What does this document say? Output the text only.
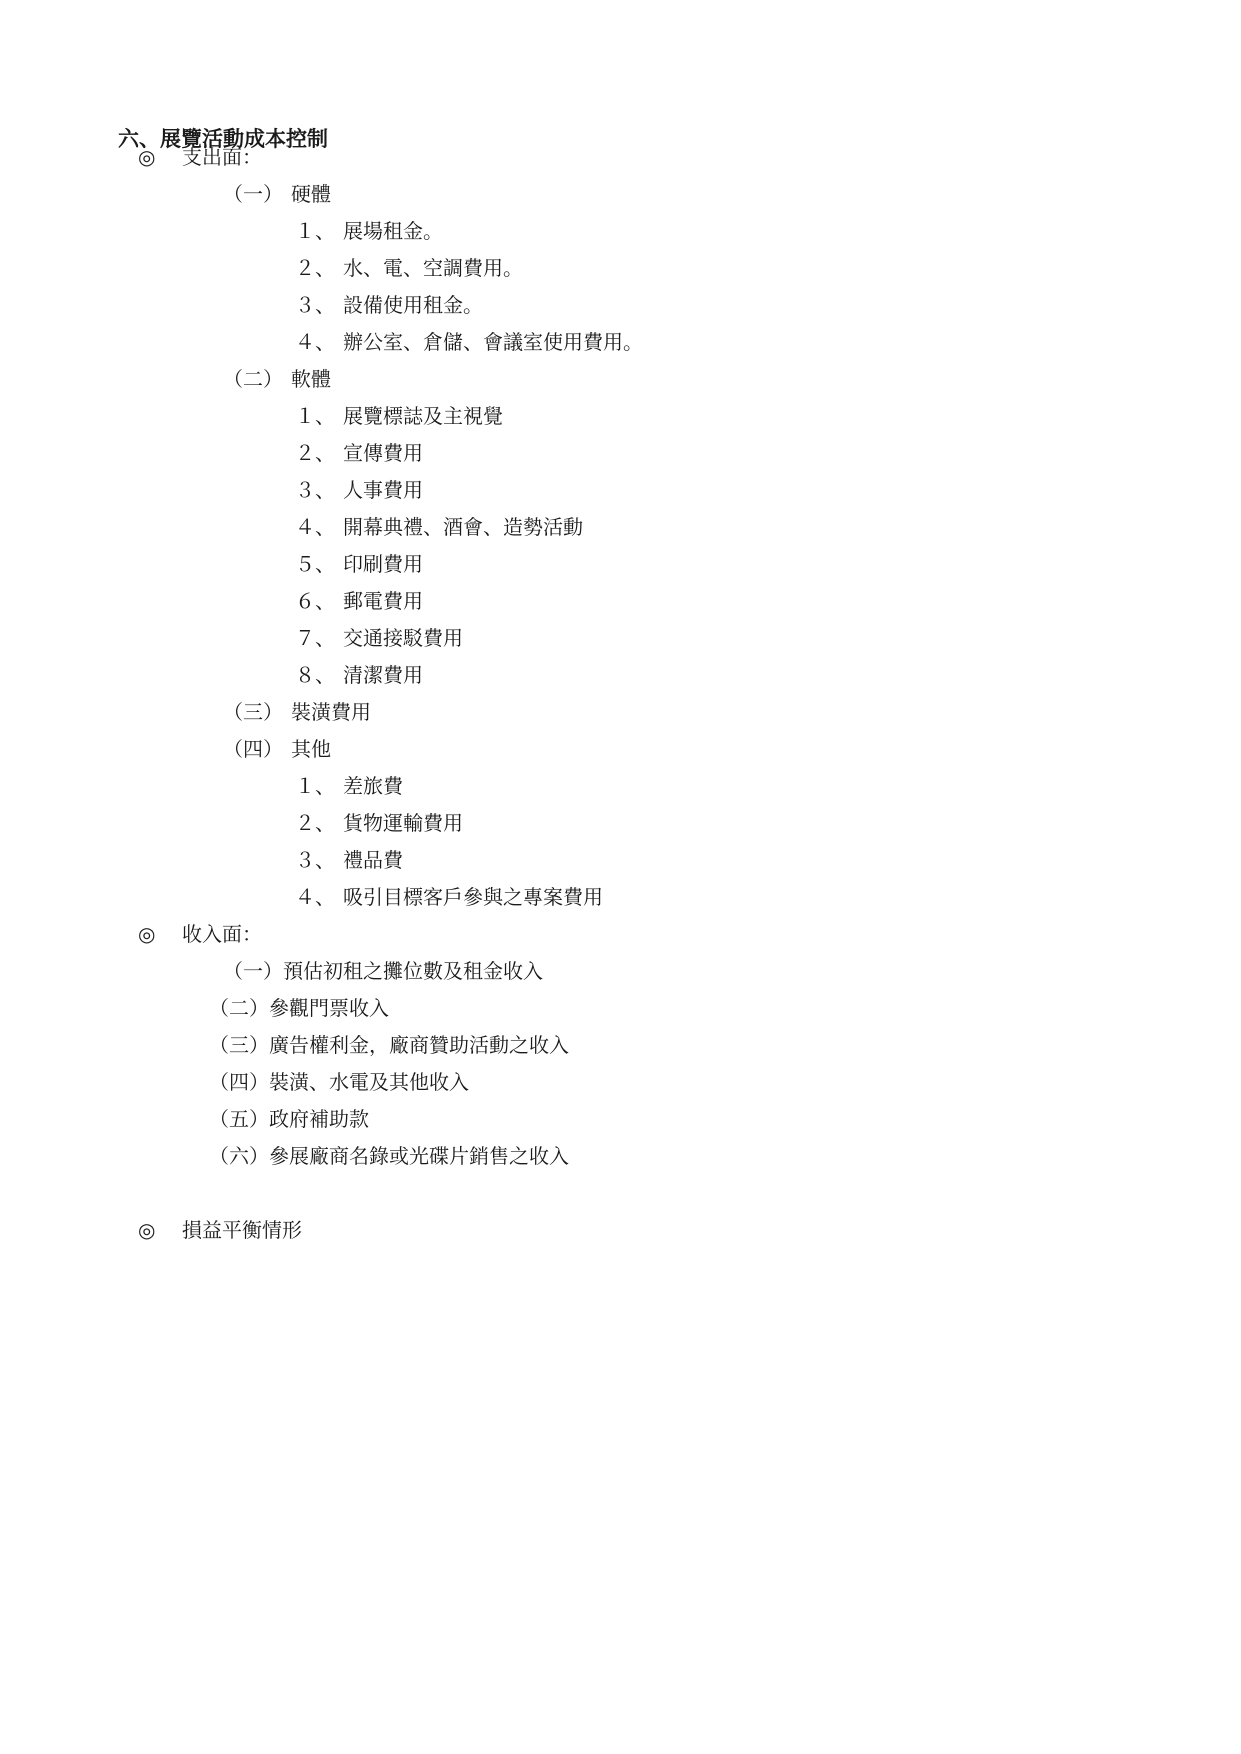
六、展覽活動成本控制
◎ 支出面：
（一） 硬體
１、 展場租金。
２、 水、電、空調費用。
３、 設備使用租金。
４、 辦公室、倉儲、會議室使用費用。
（二） 軟體
１、 展覽標誌及主視覺
２、 宣傳費用
３、 人事費用
４、 開幕典禮、酒會、造勢活動
５、 印刷費用
６、 郵電費用
７、 交通接駁費用
８、 清潔費用
（三） 裝潢費用
（四） 其他
１、 差旅費
２、 貨物運輸費用
３、 禮品費
４、 吸引目標客戶參與之專案費用
◎ 收入面：
（一）預估初租之攤位數及租金收入
（二）參觀門票收入
（三）廣告權利金，廠商贊助活動之收入
（四）裝潢、水電及其他收入
（五）政府補助款
（六）參展廠商名錄或光碟片銷售之收入
◎ 損益平衡情形
